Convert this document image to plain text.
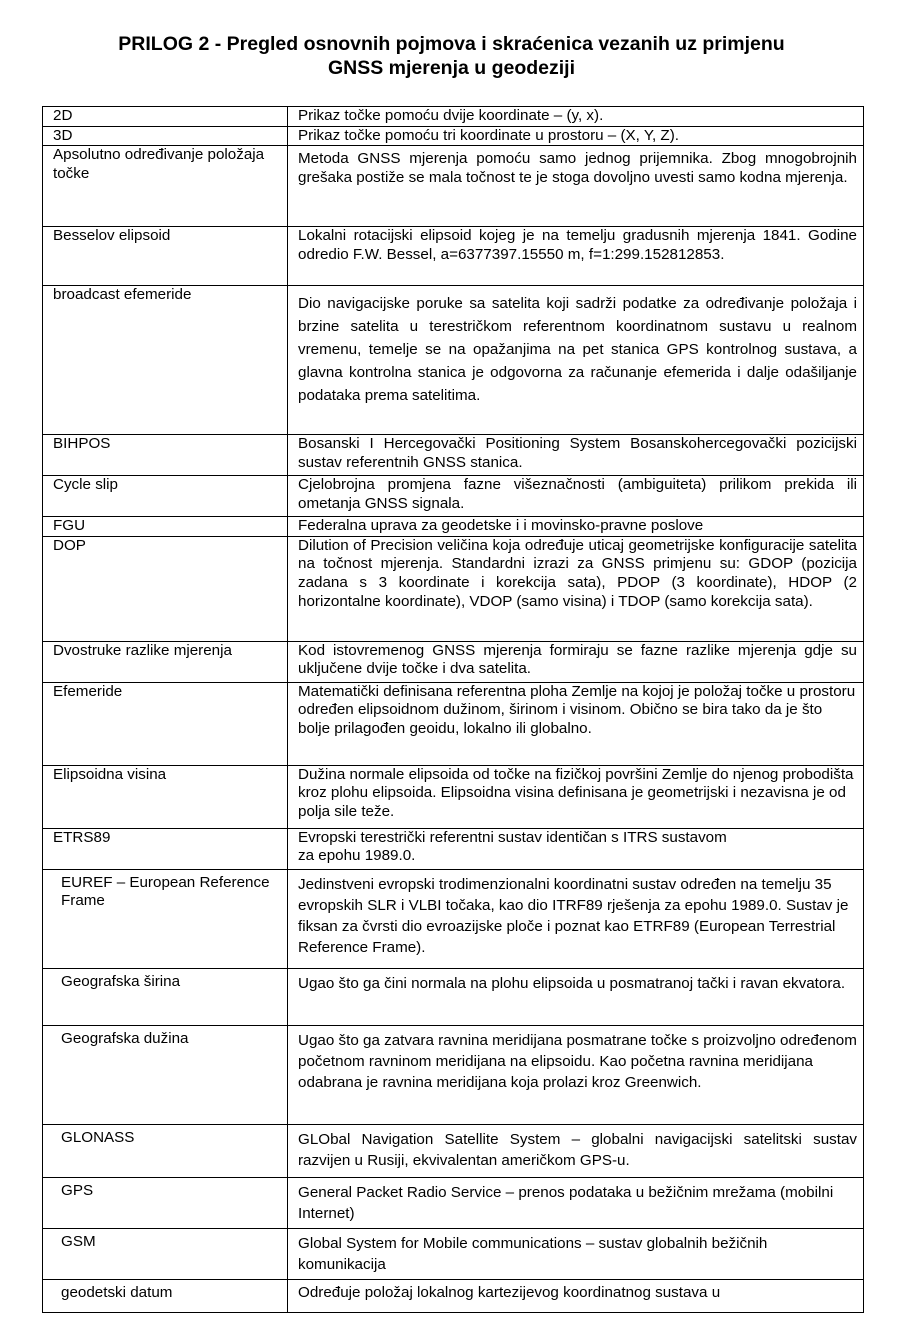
PRILOG 2 - Pregled osnovnih pojmova i skraćenica vezanih uz primjenu
GNSS mjerenja u geodeziji
2D	Prikaz točke pomoću dvije koordinate – (y, x).
3D	Prikaz točke pomoću tri koordinate u prostoru – (X, Y, Z).
Apsolutno određivanje položaja točke	Metoda GNSS mjerenja pomoću samo jednog prijemnika. Zbog mnogobrojnih grešaka postiže se mala točnost te je stoga dovoljno uvesti samo kodna mjerenja.
Besselov elipsoid	Lokalni rotacijski elipsoid kojeg je na temelju gradusnih mjerenja 1841. Godine odredio F.W. Bessel, a=6377397.15550 m, f=1:299.152812853.
broadcast efemeride	Dio navigacijske poruke sa satelita koji sadrži podatke za određivanje položaja i brzine satelita u terestričkom referentnom koordinatnom sustavu u realnom vremenu, temelje se na opažanjima na pet stanica GPS kontrolnog sustava, a glavna kontrolna stanica je odgovorna za računanje efemerida i dalje odašiljanje podataka prema satelitima.
BIHPOS	Bosanski I Hercegovački Positioning System Bosanskohercegovački pozicijski sustav referentnih GNSS stanica.
Cycle slip	Cjelobrojna promjena fazne višeznačnosti (ambiguiteta) prilikom prekida ili ometanja GNSS signala.
FGU	Federalna uprava za geodetske i i movinsko-pravne poslove
DOP	Dilution of Precision veličina koja određuje uticaj geometrijske konfiguracije satelita na točnost mjerenja. Standardni izrazi za GNSS primjenu su: GDOP (pozicija zadana s 3 koordinate i korekcija sata), PDOP (3 koordinate), HDOP (2 horizontalne koordinate), VDOP (samo visina) i TDOP (samo korekcija sata).
Dvostruke razlike mjerenja	Kod istovremenog GNSS mjerenja formiraju se fazne razlike mjerenja gdje su uključene dvije točke i dva satelita.
Efemeride	Matematički definisana referentna ploha Zemlje na kojoj je položaj točke u prostoru određen elipsoidnom dužinom, širinom i visinom. Obično se bira tako da je što bolje prilagođen geoidu, lokalno ili globalno.
Elipsoidna visina	Dužina normale elipsoida od točke na fizičkoj površini Zemlje do njenog probodišta kroz plohu elipsoida. Elipsoidna visina definisana je geometrijski i nezavisna je od polja sile teže.
ETRS89	Evropski terestrički referentni sustav identičan s ITRS sustavom za epohu 1989.0.
EUREF – European Reference Frame	Jedinstveni evropski trodimenzionalni koordinatni sustav određen na temelju 35 evropskih SLR i VLBI točaka, kao dio ITRF89 rješenja za epohu 1989.0. Sustav je fiksan za čvrsti dio evroazijske ploče i poznat kao ETRF89 (European Terrestrial Reference Frame).
Geografska širina	Ugao što ga čini normala na plohu elipsoida u posmatranoj tački i ravan ekvatora.
Geografska dužina	Ugao što ga zatvara ravnina meridijana posmatrane točke s proizvoljno određenom početnom ravninom meridijana na elipsoidu. Kao početna ravnina meridijana odabrana je ravnina meridijana koja prolazi kroz Greenwich.
GLONASS	GLObal Navigation Satellite System – globalni navigacijski satelitski sustav razvijen u Rusiji, ekvivalentan američkom GPS-u.
GPS	General Packet Radio Service – prenos podataka u bežičnim mrežama (mobilni Internet)
GSM	Global System for Mobile communications – sustav globalnih bežičnih komunikacija
geodetski datum	Određuje položaj lokalnog kartezijevog koordinatnog sustava u
